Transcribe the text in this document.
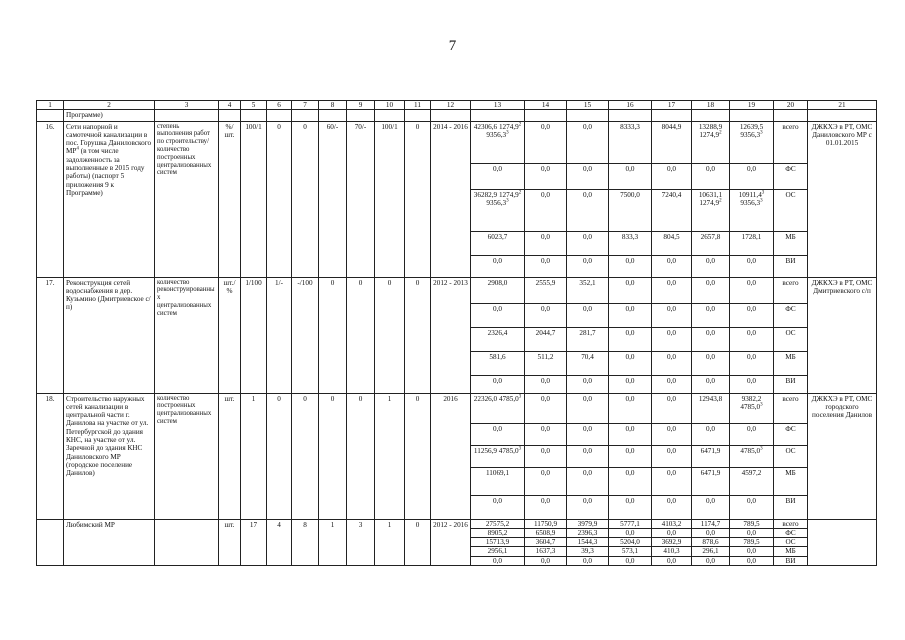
7
1	2	3	4	5	6	7	8	9	10	11	12	13	14	15	16	17	18	19	20	21
	Программе)																			
16.	Сети напорной и самотечной канализации в пос. Горушка Даниловского $МР^4$ (в том числе задолженность за выполненные в 2015 году работы) (паспорт 5 приложения 9 к Программе)	степень выполнения работ по строительству/ количество построенных централизованных систем	%/ шт.	100/1	0	0	60/-	70/-	100/1	0	2014 - 2016	42306,6 1274,9$^2$ 9356,3$^3$	0,0	0,0	8333,3	8044,9	13288,9 1274,9$^2$	12639,5 9356,3$^3$	всего	ДЖКХЭ в РТ, ОМС Даниловского МР с 01.01.2015
												0,0	0,0	0,0	0,0	0,0	0,0	0,0	ФС	
												36282,9 1274,9$^2$ 9356,3$^3$	0,0	0,0	7500,0	7240,4	10631,1 1274,9$^2$	10911,4$^3$ 9356,3$^3$	ОС	
												6023,7	0,0	0,0	833,3	804,5	2657,8	1728,1	МБ	
												0,0	0,0	0,0	0,0	0,0	0,0	0,0	ВИ	
17.	Реконструкция сетей водоснабжения в дер. Кузьмино (Дмитриевское с/п)	количество реконструированных централизованных систем	шт./ %	1/100	1/-	-/100	0	0	0	0	2012 - 2013	2908,0	2555,9	352,1	0,0	0,0	0,0	0,0	всего	ДЖКХЭ в РТ, ОМС Дмитриевского с/п
												0,0	0,0	0,0	0,0	0,0	0,0	0,0	ФС	
												2326,4	2044,7	281,7	0,0	0,0	0,0	0,0	ОС	
												581,6	511,2	70,4	0,0	0,0	0,0	0,0	МБ	
												0,0	0,0	0,0	0,0	0,0	0,0	0,0	ВИ	
18.	Строительство наружных сетей канализации в центральной части г. Данилова на участке от ул. Петербургской до здания КНС, на участке от ул. Заречной до здания КНС Даниловского МР (городское поселение Данилов)	количество построенных централизованных систем	шт.	1	0	0	0	0	1	0	2016	22326,0 4785,0$^3$	0,0	0,0	0,0	0,0	12943,8	9382,2 4785,0$^3$	всего	ДЖКХЭ в РТ, ОМС городского поселения Данилов
												0,0	0,0	0,0	0,0	0,0	0,0	0,0	ФС	
												11256,9 4785,0$^3$	0,0	0,0	0,0	0,0	6471,9	4785,0$^3$	ОС	
												11069,1	0,0	0,0	0,0	0,0	6471,9	4597,2	МБ	
												0,0	0,0	0,0	0,0	0,0	0,0	0,0	ВИ	
	Любимский МР		шт.	17	4	8	1	3	1	0	2012 - 2016	27575,2	11750,9	3979,9	5777,1	4103,2	1174,7	789,5	всего	
												8905,2	6508,9	2396,3	0,0	0,0	0,0	0,0	ФС	
												15713,9	3604,7	1544,3	5204,0	3692,9	878,6	789,5	ОС	
												2956,1	1637,3	39,3	573,1	410,3	296,1	0,0	МБ	
												0,0	0,0	0,0	0,0	0,0	0,0	0,0	ВИ	
